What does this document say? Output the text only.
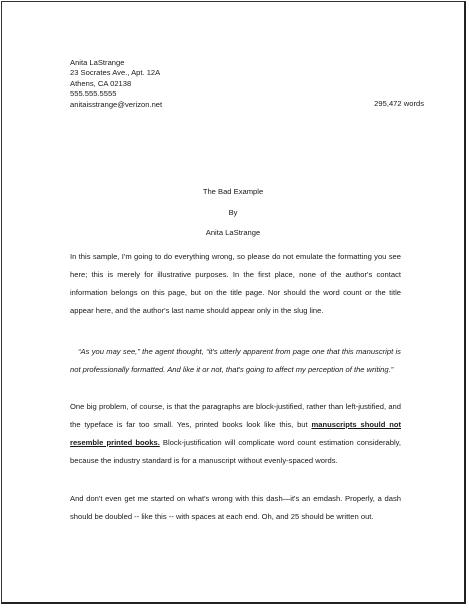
Anita LaStrange
23 Socrates Ave., Apt. 12A
Athens, CA 02138
555.555.5555
anitaisstrange@verizon.net	295,472 words
The Bad Example
By
Anita LaStrange

In this sample, I'm going to do everything wrong, so please do not emulate the formatting you see here; this is merely for illustrative purposes. In the first place, none of the author's contact information belongs on this page, but on the title page. Nor should the word count or the title appear here, and the author's last name should appear only in the slug line.

“As you may see,” the agent thought, “it's utterly apparent from page one that this manuscript is not professionally formatted. And like it or not, that's going to affect my perception of the writing.”

One big problem, of course, is that the paragraphs are block-justified, rather than left-justified, and the typeface is far too small. Yes, printed books look like this, but manuscripts should not resemble printed books. Block-justification will complicate word count estimation considerably, because the industry standard is for a manuscript without evenly-spaced words.

And don't even get me started on what's wrong with this dash—it's an emdash. Properly, a dash should be doubled -- like this -- with spaces at each end. Oh, and 25 should be written out.
